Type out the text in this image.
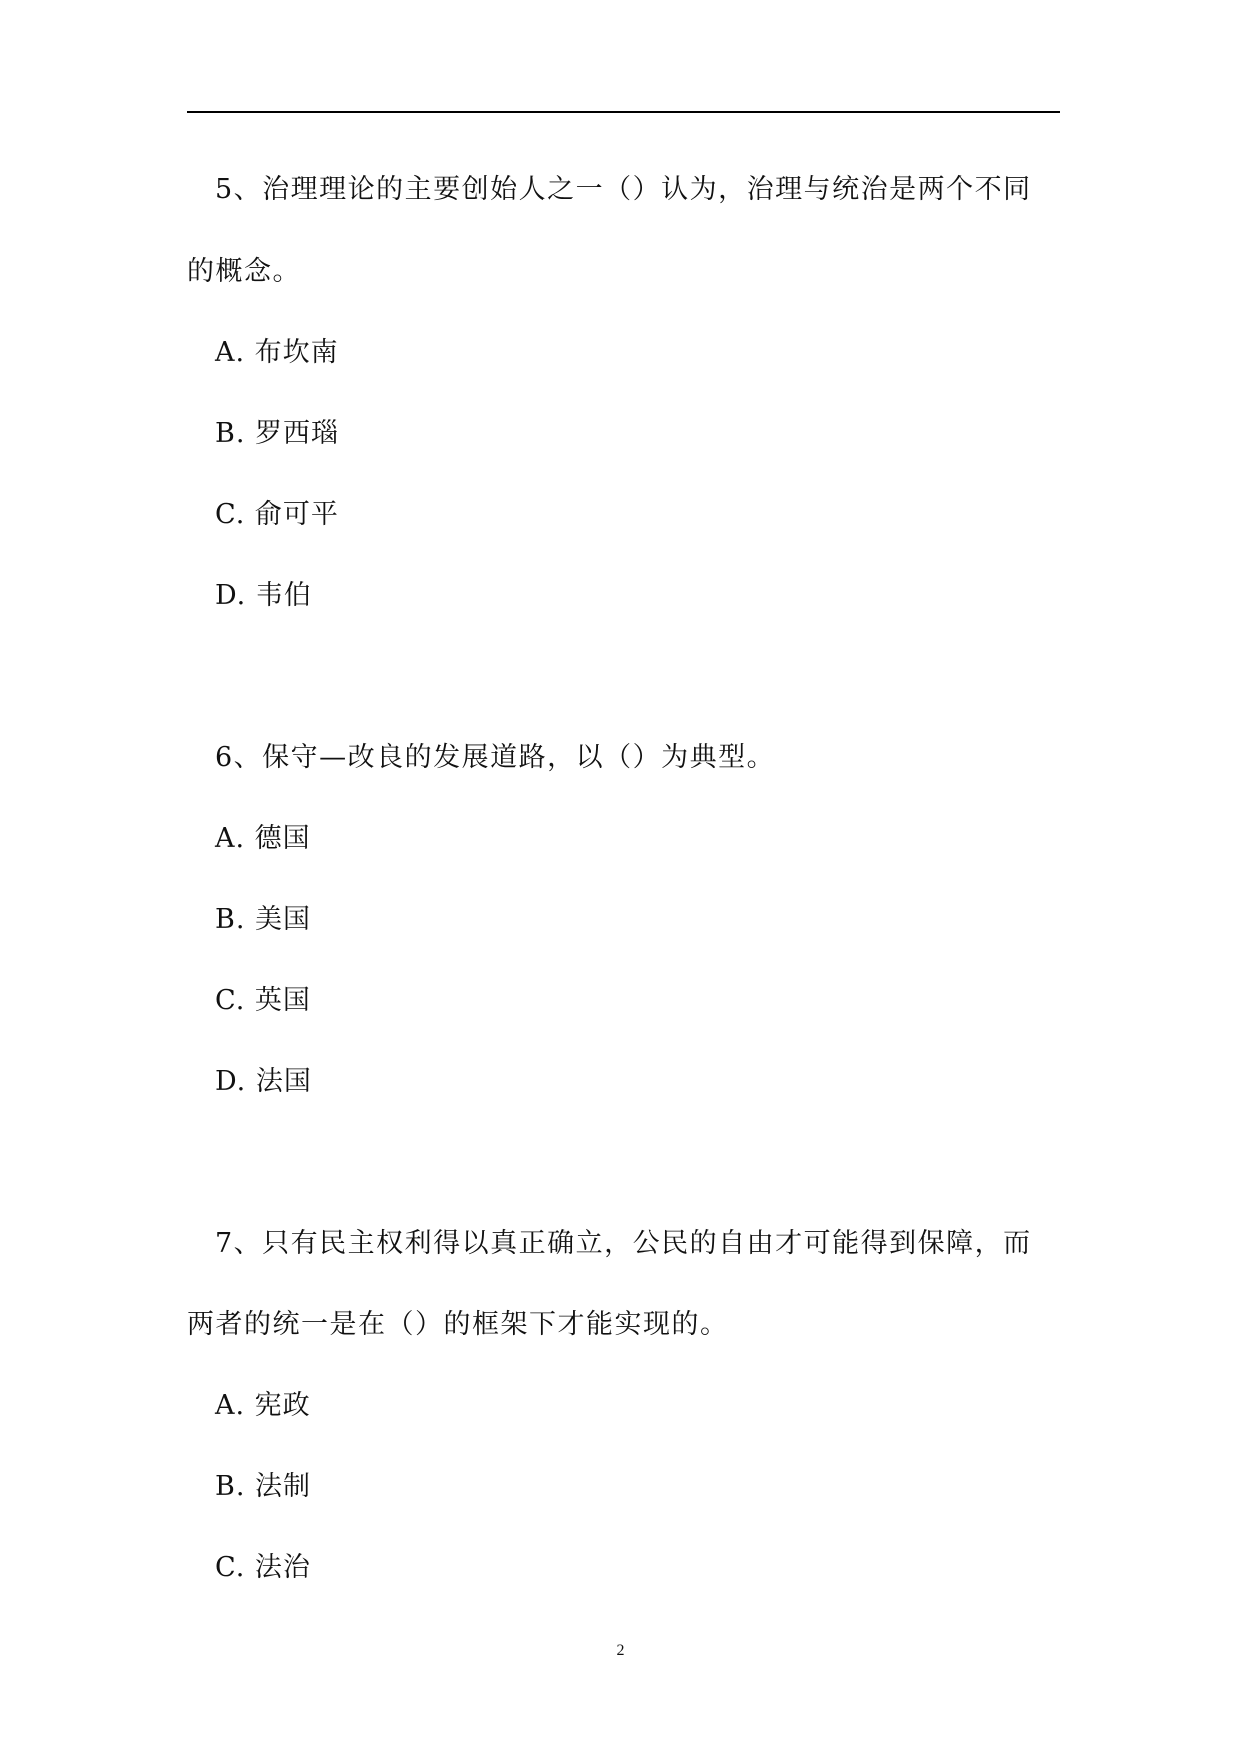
5、治理理论的主要创始人之一（）认为，治理与统治是两个不同

的概念。

A. 布坎南

B. 罗西瑙

C. 俞可平

D. 韦伯

6、保守—改良的发展道路，以（）为典型。

A. 德国

B. 美国

C. 英国

D. 法国

7、只有民主权利得以真正确立，公民的自由才可能得到保障，而

两者的统一是在（）的框架下才能实现的。

A. 宪政

B. 法制

C. 法治

2
